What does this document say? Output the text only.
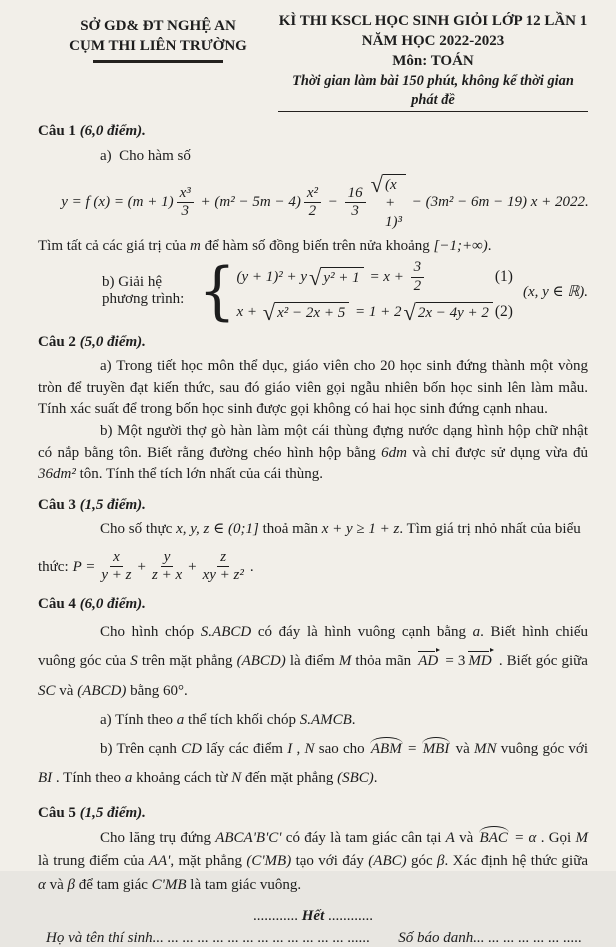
SỞ GD& ĐT NGHỆ AN
CỤM THI LIÊN TRƯỜNG
KÌ THI KSCL HỌC SINH GIỎI LỚP 12 LẦN 1
NĂM HỌC 2022-2023
Môn: TOÁN
Thời gian làm bài 150 phút, không kể thời gian phát đề

Câu 1 (6,0 điểm).

a) Cho hàm số

y = f $(x) = (m + 1) \frac{\text{x³}}{3} + (m^2 - 5m - 4) \frac{\text{x²}}{2} - \frac{16}{3}$
√ (x + 1)³
− (3m² − 6m − 19) x + 2022.

Tìm tất cả các giá trị của m để hàm số đồng biến trên nửa khoảng [−1;+∞).

b) Giải hệ phương trình: { (y + 1)² + y √ $y^2 + 1 = x + \frac{3}{2}$	(1)
x + √ x² − 2x + 5 = 1 + 2 √ 2x − 4y + 2 (2)
(x, y ∈ ℝ).

Câu 2 (5,0 điểm).

a) Trong tiết học môn thể dục, giáo viên cho 20 học sinh đứng thành một vòng tròn để truyền đạt kiến thức, sau đó giáo viên gọi ngẫu nhiên bốn học sinh lên làm mẫu. Tính xác suất để trong bốn học sinh được gọi không có hai học sinh đứng cạnh nhau.

b) Một người thợ gò hàn làm một cái thùng đựng nước dạng hình hộp chữ nhật có nắp bằng tôn. Biết rằng đường chéo hình hộp bằng 6dm và chỉ được sử dụng vừa đủ 36dm² tôn. Tính thể tích lớn nhất của cái thùng.

Câu 3 (1,5 điểm).

Cho số thực x, y, z ∈ (0;1] thoả mãn x + y ≥ 1 + z. Tìm giá trị nhỏ nhất của biểu

thức: $P = \frac{x}{y + z} + \frac{y}{z + x} + \frac{z}{\text{xy + z²}}$ .

Câu 4 (6,0 điểm).

Cho hình chóp S.ABCD có đáy là hình vuông cạnh bằng a. Biết hình chiếu vuông góc của S trên mặt phẳng (ABCD) là điểm M thỏa mãn AD = 3 MD . Biết góc giữa SC và (ABCD) bằng 60°.

a) Tính theo a thể tích khối chóp S.AMCB.

b) Trên cạnh CD lấy các điểm I , N sao cho ABM = MBI và MN vuông góc với BI . Tính theo a khoảng cách từ N đến mặt phẳng (SBC).

Câu 5 (1,5 điểm).

Cho lăng trụ đứng ABCA'B'C' có đáy là tam giác cân tại A và BAC = α . Gọi M là trung điểm của AA', mặt phẳng (C'MB) tạo với đáy (ABC) góc β. Xác định hệ thức giữa α và β để tam giác C'MB là tam giác vuông.

............ Hết ............
Họ và tên thí sinh... ... ... ... ... ... ... ... ... ... ... ... ... ...... Số báo danh... ... ... ... ... ... .....
